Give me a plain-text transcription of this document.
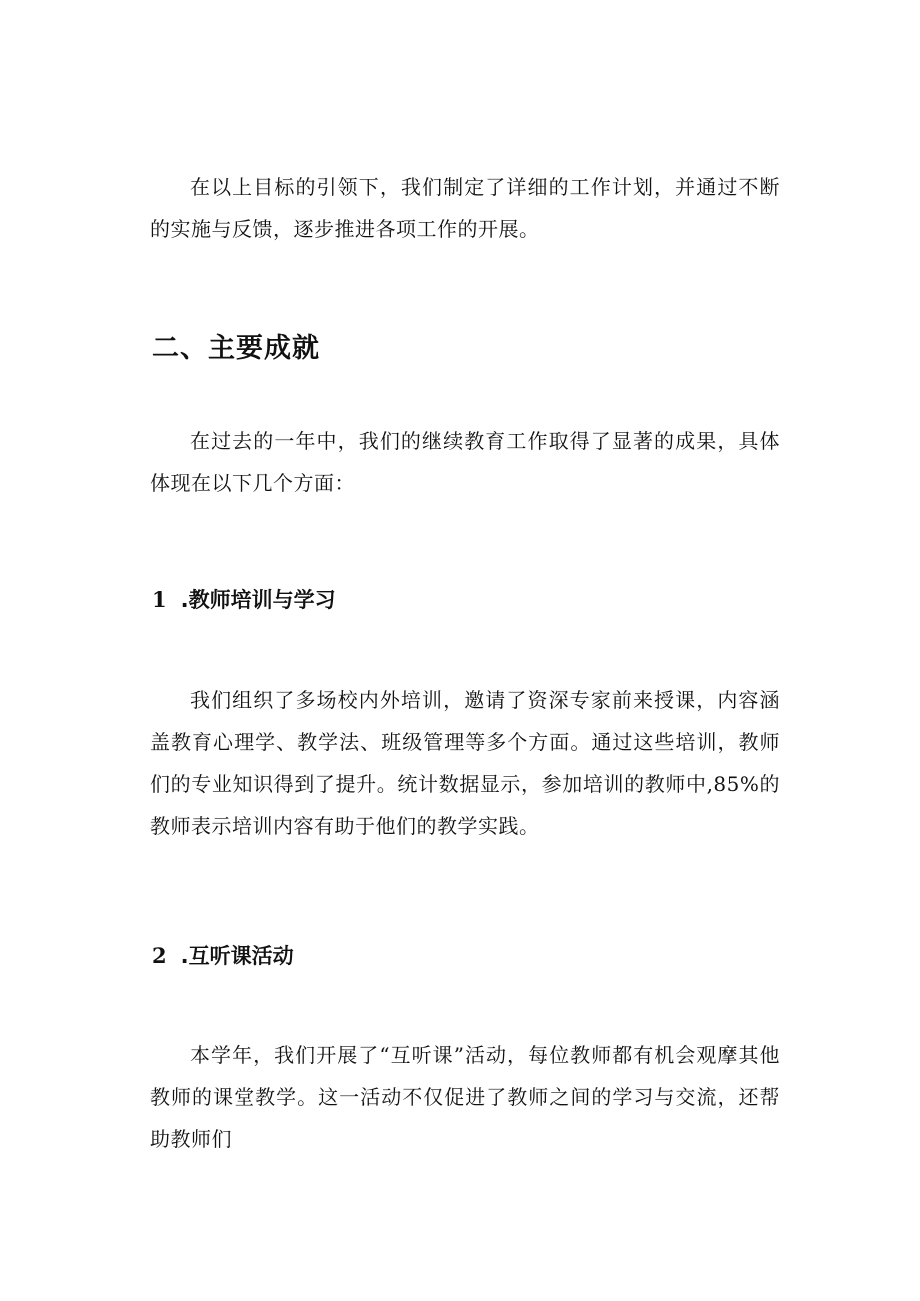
在以上目标的引领下，我们制定了详细的工作计划，并通过不断的实施与反馈，逐步推进各项工作的开展。

二、主要成就

在过去的一年中，我们的继续教育工作取得了显著的成果，具体体现在以下几个方面：

1 .教师培训与学习

我们组织了多场校内外培训，邀请了资深专家前来授课，内容涵盖教育心理学、教学法、班级管理等多个方面。通过这些培训，教师们的专业知识得到了提升。统计数据显示，参加培训的教师中,85%的教师表示培训内容有助于他们的教学实践。

2 .互听课活动

本学年，我们开展了“互听课”活动，每位教师都有机会观摩其他教师的课堂教学。这一活动不仅促进了教师之间的学习与交流，还帮助教师们
